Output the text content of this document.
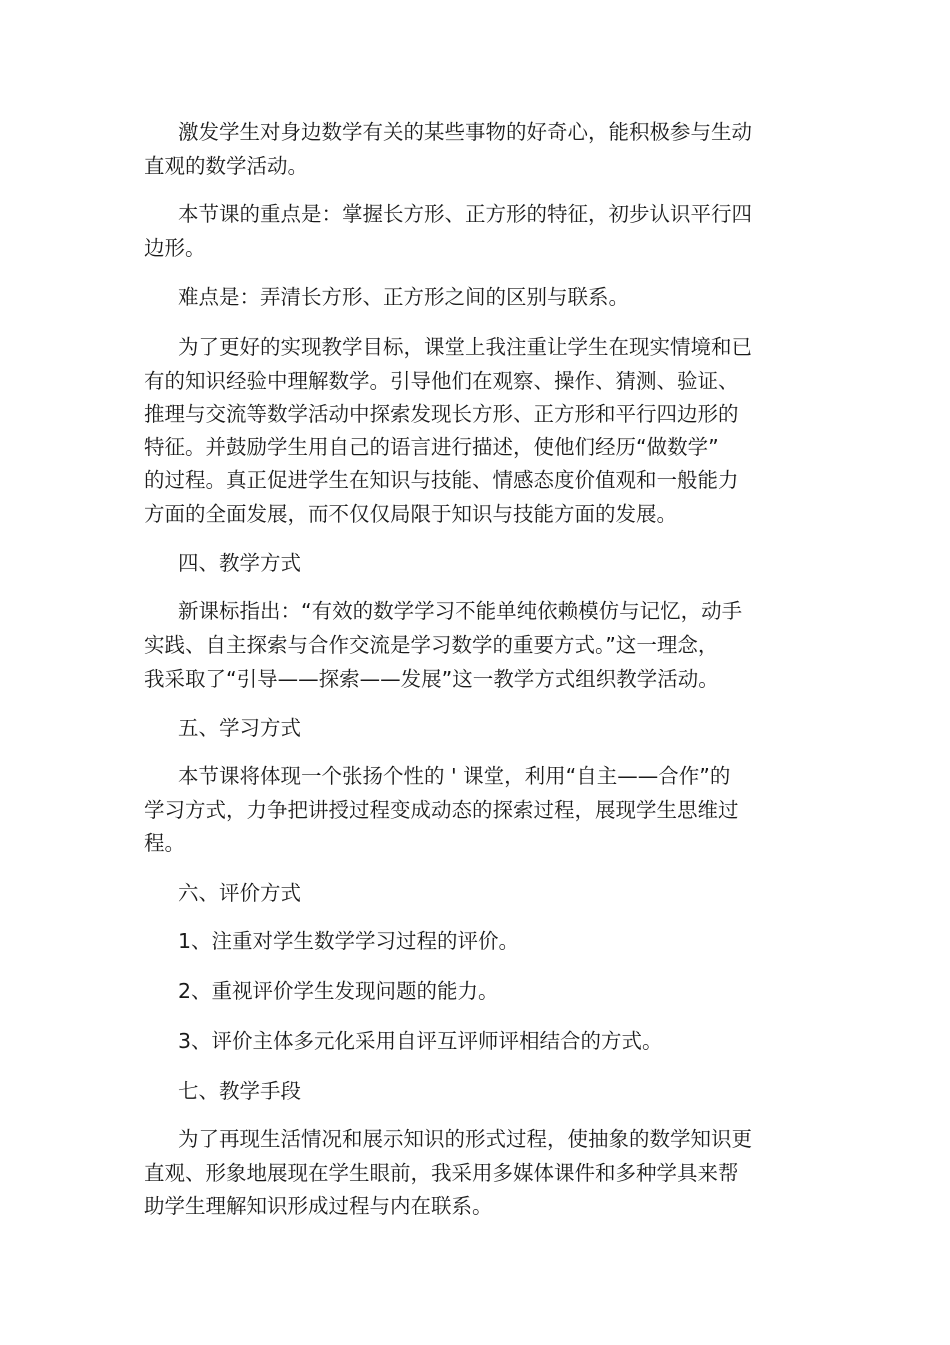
激发学生对身边数学有关的某些事物的好奇心，能积极参与生动

直观的数学活动。

本节课的重点是：掌握长方形、正方形的特征，初步认识平行四

边形。

难点是：弄清长方形、正方形之间的区别与联系。

为了更好的实现教学目标，课堂上我注重让学生在现实情境和已

有的知识经验中理解数学。引导他们在观察、操作、猜测、验证、

推理与交流等数学活动中探索发现长方形、正方形和平行四边形的

特征。并鼓励学生用自己的语言进行描述，使他们经历“做数学”

的过程。真正促进学生在知识与技能、情感态度价值观和一般能力

方面的全面发展，而不仅仅局限于知识与技能方面的发展。

四、教学方式

新课标指出：“有效的数学学习不能单纯依赖模仿与记忆，动手

实践、自主探索与合作交流是学习数学的重要方式。”这一理念，

我采取了“引导——探索——发展”这一教学方式组织教学活动。

五、学习方式

本节课将体现一个张扬个性的 ' 课堂，利用“自主——合作”的

学习方式，力争把讲授过程变成动态的探索过程，展现学生思维过

程。

六、评价方式

1、注重对学生数学学习过程的评价。

2、重视评价学生发现问题的能力。

3、评价主体多元化采用自评互评师评相结合的方式。

七、教学手段

为了再现生活情况和展示知识的形式过程，使抽象的数学知识更

直观、形象地展现在学生眼前，我采用多媒体课件和多种学具来帮

助学生理解知识形成过程与内在联系。
